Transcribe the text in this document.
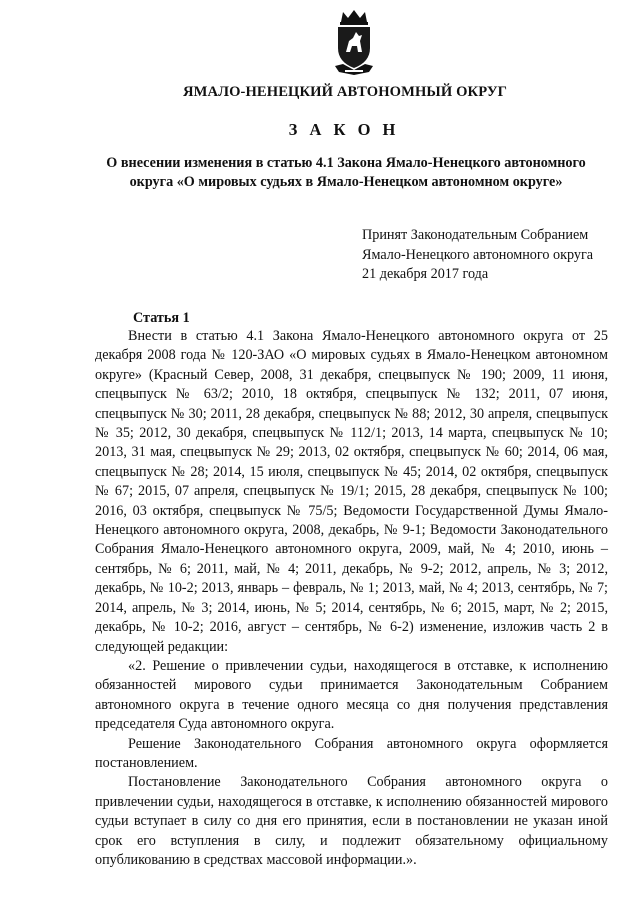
ЯМАЛО-НЕНЕЦКИЙ АВТОНОМНЫЙ ОКРУГ
З А К О Н
О внесении изменения в статью 4.1 Закона Ямало-Ненецкого автономного округа «О мировых судьях в Ямало-Ненецком автономном округе»
Принят Законодательным Собранием
Ямало-Ненецкого автономного округа
21 декабря 2017 года
Статья 1

Внести в статью 4.1 Закона Ямало-Ненецкого автономного округа от 25 декабря 2008 года № 120-ЗАО «О мировых судьях в Ямало-Ненецком автономном округе» (Красный Север, 2008, 31 декабря, спецвыпуск № 190; 2009, 11 июня, спецвыпуск № 63/2; 2010, 18 октября, спецвыпуск № 132; 2011, 07 июня, спецвыпуск № 30; 2011, 28 декабря, спецвыпуск № 88; 2012, 30 апреля, спецвыпуск № 35; 2012, 30 декабря, спецвыпуск № 112/1; 2013, 14 марта, спецвыпуск № 10; 2013, 31 мая, спецвыпуск № 29; 2013, 02 октября, спецвыпуск № 60; 2014, 06 мая, спецвыпуск № 28; 2014, 15 июля, спецвыпуск № 45; 2014, 02 октября, спецвыпуск № 67; 2015, 07 апреля, спецвыпуск № 19/1; 2015, 28 декабря, спецвыпуск № 100; 2016, 03 октября, спецвыпуск № 75/5; Ведомости Государственной Думы Ямало-Ненецкого автономного округа, 2008, декабрь, № 9-1; Ведомости Законодательного Собрания Ямало-Ненецкого автономного округа, 2009, май, № 4; 2010, июнь – сентябрь, № 6; 2011, май, № 4; 2011, декабрь, № 9-2; 2012, апрель, № 3; 2012, декабрь, № 10-2; 2013, январь – февраль, № 1; 2013, май, № 4; 2013, сентябрь, № 7; 2014, апрель, № 3; 2014, июнь, № 5; 2014, сентябрь, № 6; 2015, март, № 2; 2015, декабрь, № 10-2; 2016, август – сентябрь, № 6-2) изменение, изложив часть 2 в следующей редакции:

«2. Решение о привлечении судьи, находящегося в отставке, к исполнению обязанностей мирового судьи принимается Законодательным Собранием автономного округа в течение одного месяца со дня получения представления председателя Суда автономного округа.

Решение Законодательного Собрания автономного округа оформляется постановлением.

Постановление Законодательного Собрания автономного округа о привлечении судьи, находящегося в отставке, к исполнению обязанностей мирового судьи вступает в силу со дня его принятия, если в постановлении не указан иной срок его вступления в силу, и подлежит обязательному официальному опубликованию в средствах массовой информации.».
